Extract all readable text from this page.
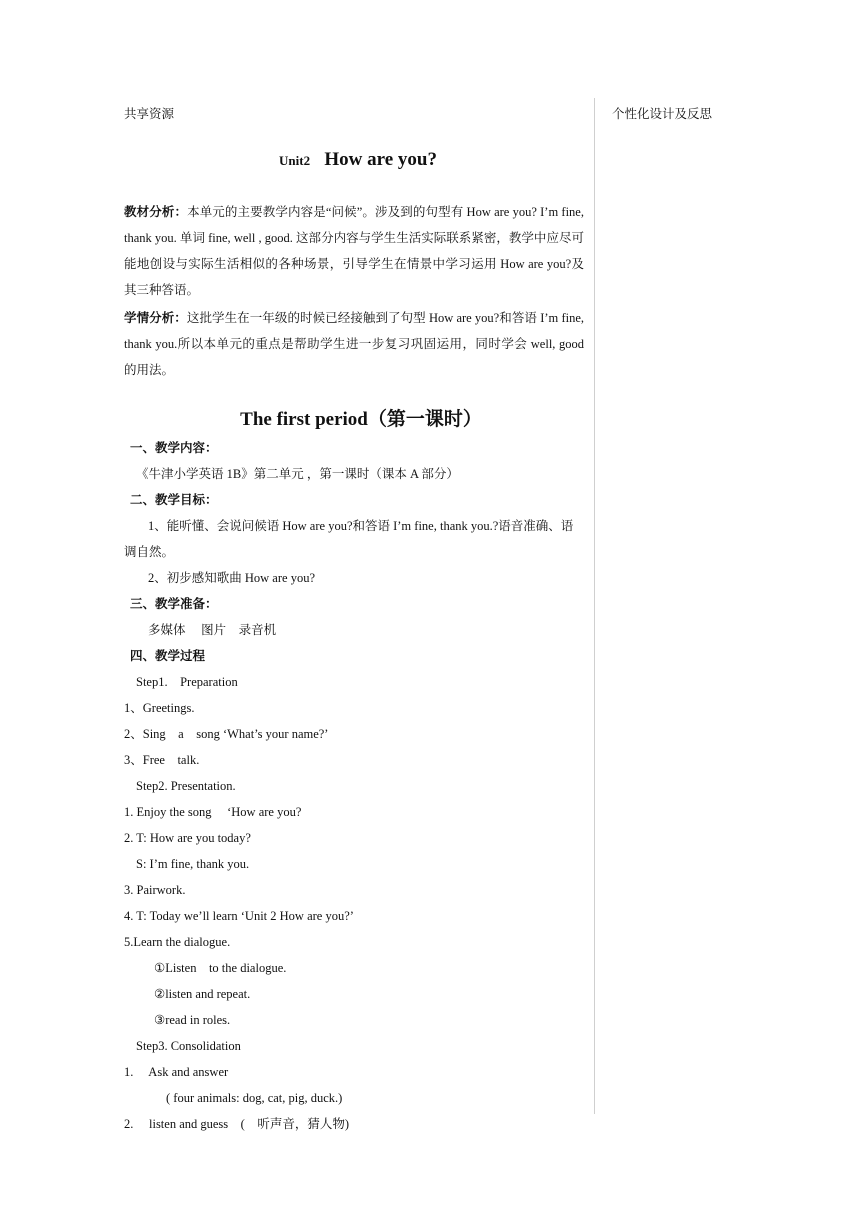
个性化设计及反思

共享资源

Unit2 How are you?
教材分析：本单元的主要教学内容是“问候”。涉及到的句型有 How are you? I’m fine, thank you. 单词 fine, well , good. 这部分内容与学生生活实际联系紧密，教学中应尽可能地创设与实际生活相似的各种场景，引导学生在情景中学习运用 How are you?及其三种答语。
学情分析：这批学生在一年级的时候已经接触到了句型 How are you?和答语 I’m fine, thank you.所以本单元的重点是帮助学生进一步复习巩固运用，同时学会 well, good 的用法。
The first period（第一课时）
一、教学内容：
《牛津小学英语 1B》第二单元 ，第一课时（课本 A 部分）
二、教学目标：
1、能听懂、会说问候语 How are you?和答语 I’m fine, thank you.?语音准确、语调自然。
2、初步感知歌曲 How are you?
三、教学准备：
多媒体　 图片　录音机
四、教学过程
Step1.　Preparation
1、Greetings.
2、Sing　a　song ‘What’s your name?’
3、Free　talk.
Step2. Presentation.
1. Enjoy the song　 ‘How are you?
2. T: How are you today?
S: I’m fine, thank you.
3. Pairwork.
4. T: Today we’ll learn ‘Unit 2 How are you?’
5.Learn the dialogue.
①Listen　to the dialogue.
②listen and repeat.
③read in roles.
Step3. Consolidation
1.　 Ask and answer
( four animals: dog, cat, pig, duck.)
2.　 listen and guess　(　听声音，猜人物)
